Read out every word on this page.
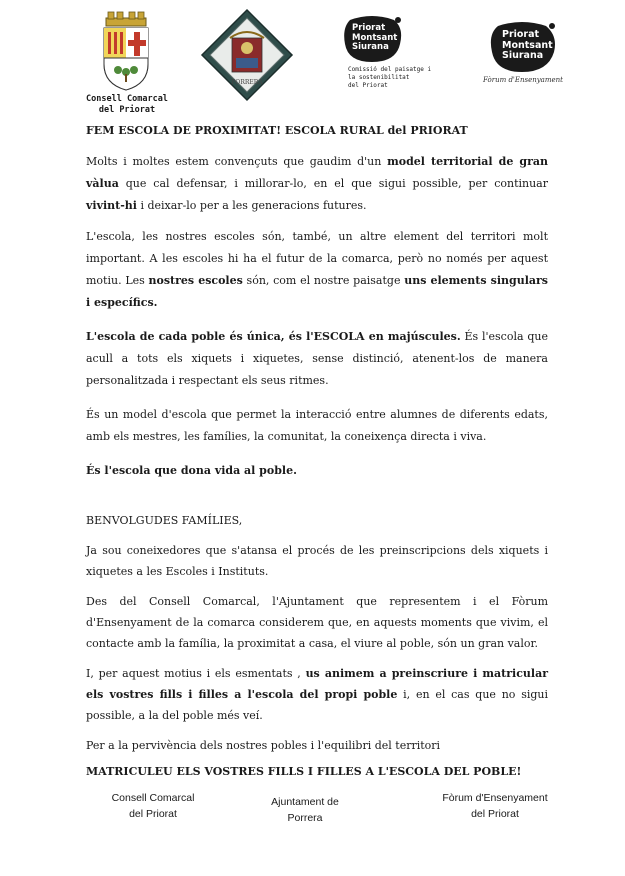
Consell Comarcal
del Priorat
PORRERA
Priorat
Montsant
Siurana
Comissió del paisatge i
la sostenibilitat
del Priorat
Priorat
Montsant
Siurana
Fòrum d'Ensenyament
FEM ESCOLA DE PROXIMITAT! ESCOLA RURAL del PRIORAT

Molts i moltes estem convençuts que gaudim d'un model territorial de gran vàlua que cal defensar, i millorar-lo, en el que sigui possible, per continuar vivint-hi i deixar-lo per a les generacions futures.

L'escola, les nostres escoles són, també, un altre element del territori molt important. A les escoles hi ha el futur de la comarca, però no només per aquest motiu. Les nostres escoles són, com el nostre paisatge uns elements singulars i específics.

L'escola de cada poble és única, és l'ESCOLA en majúscules. És l'escola que acull a tots els xiquets i xiquetes, sense distinció, atenent-los de manera personalitzada i respectant els seus ritmes.

És un model d'escola que permet la interacció entre alumnes de diferents edats, amb els mestres, les famílies, la comunitat, la coneixença directa i viva.

És l'escola que dona vida al poble.

BENVOLGUDES FAMÍLIES,

Ja sou coneixedores que s'atansa el procés de les preinscripcions dels xiquets i xiquetes a les Escoles i Instituts.

Des del Consell Comarcal, l'Ajuntament que representem i el Fòrum d'Ensenyament de la comarca considerem que, en aquests moments que vivim, el contacte amb la família, la proximitat a casa, el viure al poble, són un gran valor.

I, per aquest motius i els esmentats , us animem a preinscriure i matricular els vostres fills i filles a l'escola del propi poble i, en el cas que no sigui possible, a la del poble més veí.

Per a la pervivència dels nostres pobles i l'equilibri del territori

MATRICULEU ELS VOSTRES FILLS I FILLES A L'ESCOLA DEL POBLE!
Consell Comarcal
del Priorat
Ajuntament de
Porrera
Fòrum d'Ensenyament
del Priorat
